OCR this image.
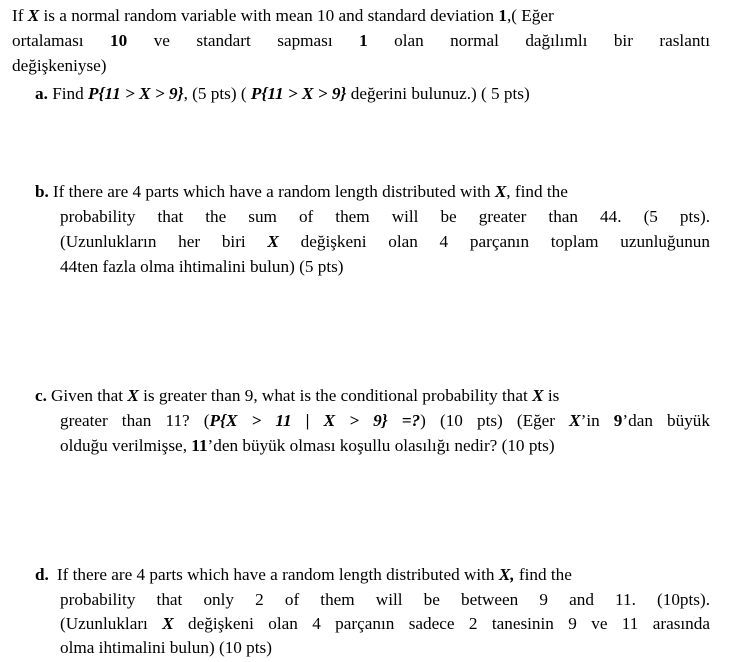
If X is a normal random variable with mean 10 and standard deviation 1,( Eğer
ortalaması 10 ve standart sapması 1 olan normal dağılımlı bir raslantı
değişkeniyse)
a. Find P{11 > X > 9}, (5 pts) ( P{11 > X > 9} değerini bulunuz.) ( 5 pts)
b. If there are 4 parts which have a random length distributed with X, find the
probability that the sum of them will be greater than 44. (5 pts).
(Uzunlukların her biri X değişkeni olan 4 parçanın toplam uzunluğunun
44ten fazla olma ihtimalini bulun) (5 pts)
c. Given that X is greater than 9, what is the conditional probability that X is
greater than 11? (P{X > 11 | X > 9} =?) (10 pts) (Eğer X’in 9’dan büyük
olduğu verilmişse, 11’den büyük olması koşullu olasılığı nedir? (10 pts)
d. If there are 4 parts which have a random length distributed with X, find the
probability that only 2 of them will be between 9 and 11. (10pts).
(Uzunlukları X değişkeni olan 4 parçanın sadece 2 tanesinin 9 ve 11 arasında
olma ihtimalini bulun) (10 pts)
